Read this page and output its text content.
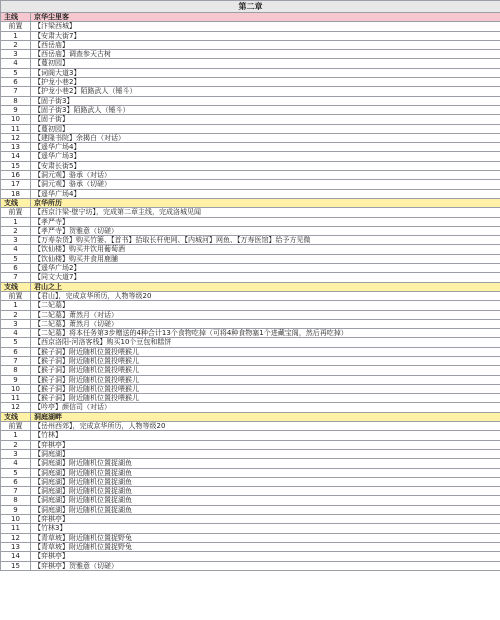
第二章	
主线	京华尘里客
前置	【汴梁西城】
1	【安肃大街7】
2	【西岳庙】
3	【西岳庙】调查参天古树
4	【蔓初园】
5	【词阁大道3】
6	【护龙小巷2】
7	【护龙小巷2】陌路武人（锤斗）
8	【固子街3】
9	【固子街3】陌路武人（锤斗）
10	【固子街】
11	【蔓初园】
12	【建隆书院】余揭白（对话）
13	【遥华广场4】
14	【遥华广场3】
15	【安肃长街5】
16	【洞元观】骆承（对话）
17	【洞元观】骆承（切磋）
18	【遥华广场4】
支线	京华所历
前置	【西京汴梁-壁宁坊】，完成第二章主线，完成洛城见闻
1	【孝严寺】
2	【孝严寺】贺雅意（切磋）
3	【万寿杂货】购买竹篓、【首书】拾取长杆兜网、【内城河】网鱼、【万寿医馆】给予方见微
4	【饮仙楼】购买井饮用葡萄酒
5	【饮仙楼】购买井食用鹿脯
6	【遥华广场2】
7	【同文大道7】
支线	君山之上
前置	【君山】，完成京华所历，人物等级20
1	【二妃墓】
2	【二妃墓】萧然月（对话）
3	【二妃墓】萧然月（切磋）
4	【二妃墓】将本任务第3步赠送的4种合计13个食物吃掉（可将4种食物塞1个进藏宝阁，然后再吃掉）
5	【西京洛阳-河洛客栈】购买10个豆包和糕饼
6	【猴子洞】附近随机位置投喂猴儿
7	【猴子洞】附近随机位置投喂猴儿
8	【猴子洞】附近随机位置投喂猴儿
9	【猴子洞】附近随机位置投喂猴儿
10	【猴子洞】附近随机位置投喂猴儿
11	【猴子洞】附近随机位置投喂猴儿
12	【吟亭】颜信司（对话）
支线	洞庭湖畔
前置	【岳州西郊】，完成京华所历，人物等级20
1	【竹林】
2	【弈棋亭】
3	【洞庭湖】
4	【洞庭湖】附近随机位置捉湖鱼
5	【洞庭湖】附近随机位置捉湖鱼
6	【洞庭湖】附近随机位置捉湖鱼
7	【洞庭湖】附近随机位置捉湖鱼
8	【洞庭湖】附近随机位置捉湖鱼
9	【洞庭湖】附近随机位置捉湖鱼
10	【弈棋亭】
11	【竹林3】
12	【青草坡】附近随机位置捉野兔
13	【青草坡】附近随机位置捉野兔
14	【弈棋亭】
15	【弈棋亭】贺雅意（切磋）
